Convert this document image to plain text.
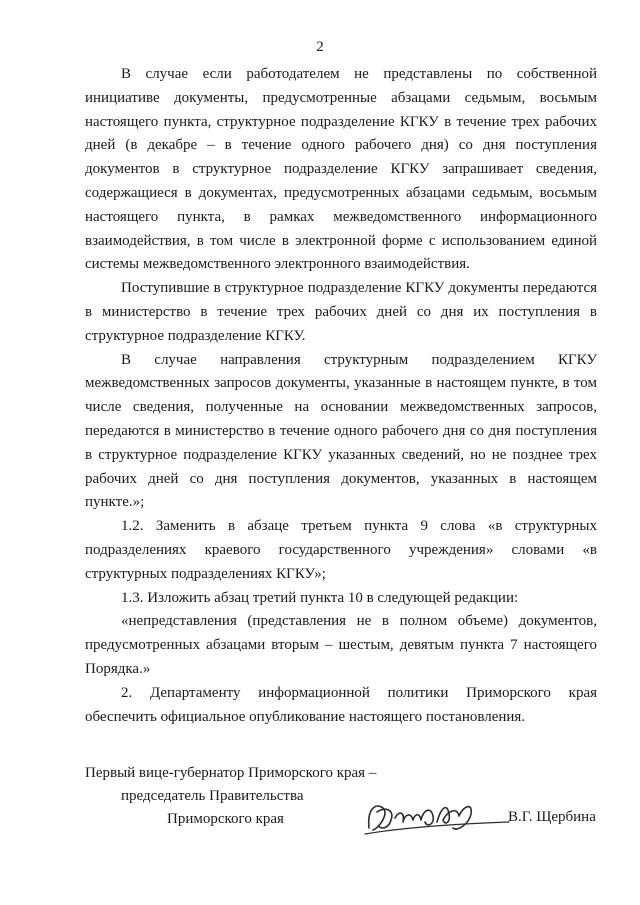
2

В случае если работодателем не представлены по собственной инициативе документы, предусмотренные абзацами седьмым, восьмым настоящего пункта, структурное подразделение КГКУ в течение трех рабочих дней (в декабре – в течение одного рабочего дня) со дня поступления документов в структурное подразделение КГКУ запрашивает сведения, содержащиеся в документах, предусмотренных абзацами седьмым, восьмым настоящего пункта, в рамках межведомственного информационного взаимодействия, в том числе в электронной форме с использованием единой системы межведомственного электронного взаимодействия.

Поступившие в структурное подразделение КГКУ документы передаются в министерство в течение трех рабочих дней со дня их поступления в структурное подразделение КГКУ.

В случае направления структурным подразделением КГКУ межведомственных запросов документы, указанные в настоящем пункте, в том числе сведения, полученные на основании межведомственных запросов, передаются в министерство в течение одного рабочего дня со дня поступления в структурное подразделение КГКУ указанных сведений, но не позднее трех рабочих дней со дня поступления документов, указанных в настоящем пункте.»;

1.2. Заменить в абзаце третьем пункта 9 слова «в структурных подразделениях краевого государственного учреждения» словами «в структурных подразделениях КГКУ»;

1.3. Изложить абзац третий пункта 10 в следующей редакции:

«непредставления (представления не в полном объеме) документов, предусмотренных абзацами вторым – шестым, девятым пункта 7 настоящего Порядка.»

2. Департаменту информационной политики Приморского края обеспечить официальное опубликование настоящего постановления.

Первый вице-губернатор Приморского края –
председатель Правительства
Приморского края	В.Г. Щербина
